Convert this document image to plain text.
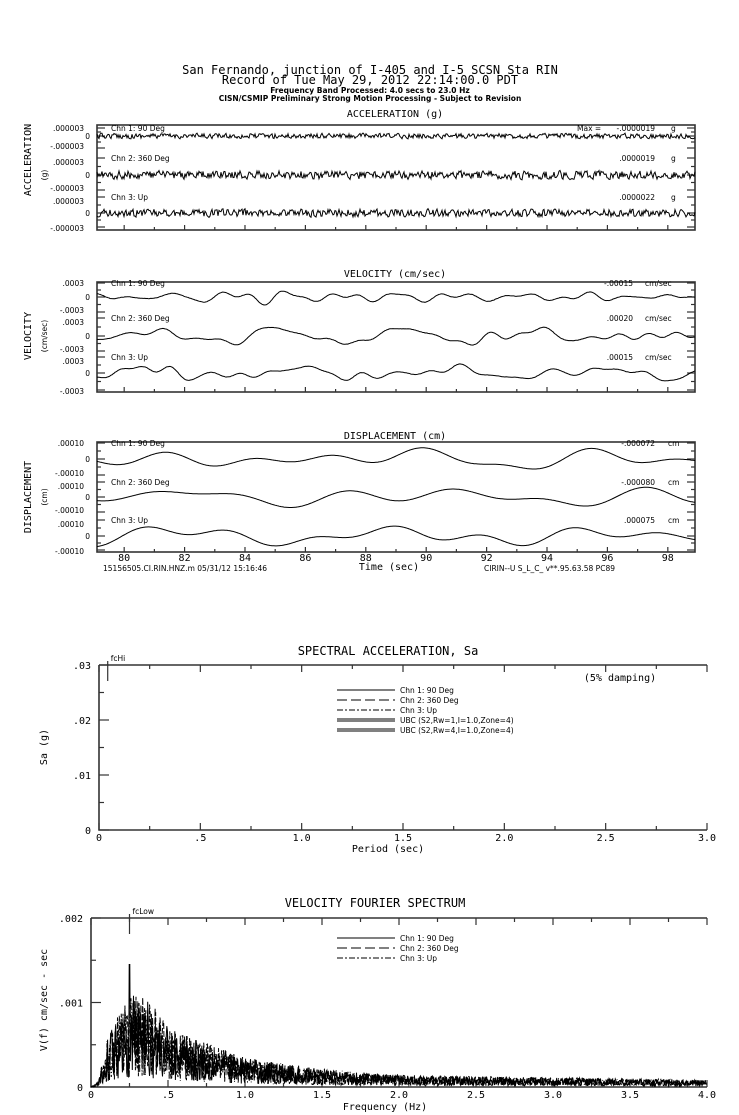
San Fernando, junction of I-405 and I-5 SCSN Sta RIN
Record of Tue May 29, 2012 22:14:00.0 PDT
Frequency Band Processed: 4.0 secs to 23.0 Hz
CISN/CSMIP Preliminary Strong Motion Processing - Subject to Revision
ACCELERATION (g)
VELOCITY (cm/sec)
DISPLACEMENT (cm)
ACCELERATION (g)
VELOCITY (cm/sec)
DISPLACEMENT (cm)
.000003
0
-.000003
Chn 1: 90 Deg	Max = -.0000019 g
.000003
0
-.000003
Chn 2: 360 Deg	.0000019 g
.000003
0
-.000003
Chn 3: Up	.0000022 g
.0003
0
-.0003
Chn 1: 90 Deg	-.00015 cm/sec
.0003
0
-.0003
Chn 2: 360 Deg	.00020 cm/sec
.0003
0
-.0003
Chn 3: Up	.00015 cm/sec
.00010
0
-.00010
Chn 1: 90 Deg	-.000072 cm
.00010
0
-.00010
Chn 2: 360 Deg	-.000080 cm
.00010
0
-.00010
Chn 3: Up	.000075 cm
80	82	84	86	88	90	92	94	96	98
Time (sec)
15156505.CI.RIN.HNZ.m 05/31/12 15:16:46	CIRIN--U S_L_C_ v**.95.63.58 PC89
SPECTRAL ACCELERATION, Sa
Sa (g)
Period (sec)
(5% damping)
0	.5	1.0	1.5	2.0	2.5	3.0
0
.01
.02
.03
fcHi
Chn 1: 90 Deg
Chn 2: 360 Deg
Chn 3: Up
UBC (S2,Rw=1,I=1.0,Zone=4)
UBC (S2,Rw=4,I=1.0,Zone=4)
VELOCITY FOURIER SPECTRUM
V(f) cm/sec - sec
Frequency (Hz)
0	.5	1.0	1.5	2.0	2.5	3.0	3.5	4.0
0
.001
.002
fcLow
Chn 1: 90 Deg
Chn 2: 360 Deg
Chn 3: Up
